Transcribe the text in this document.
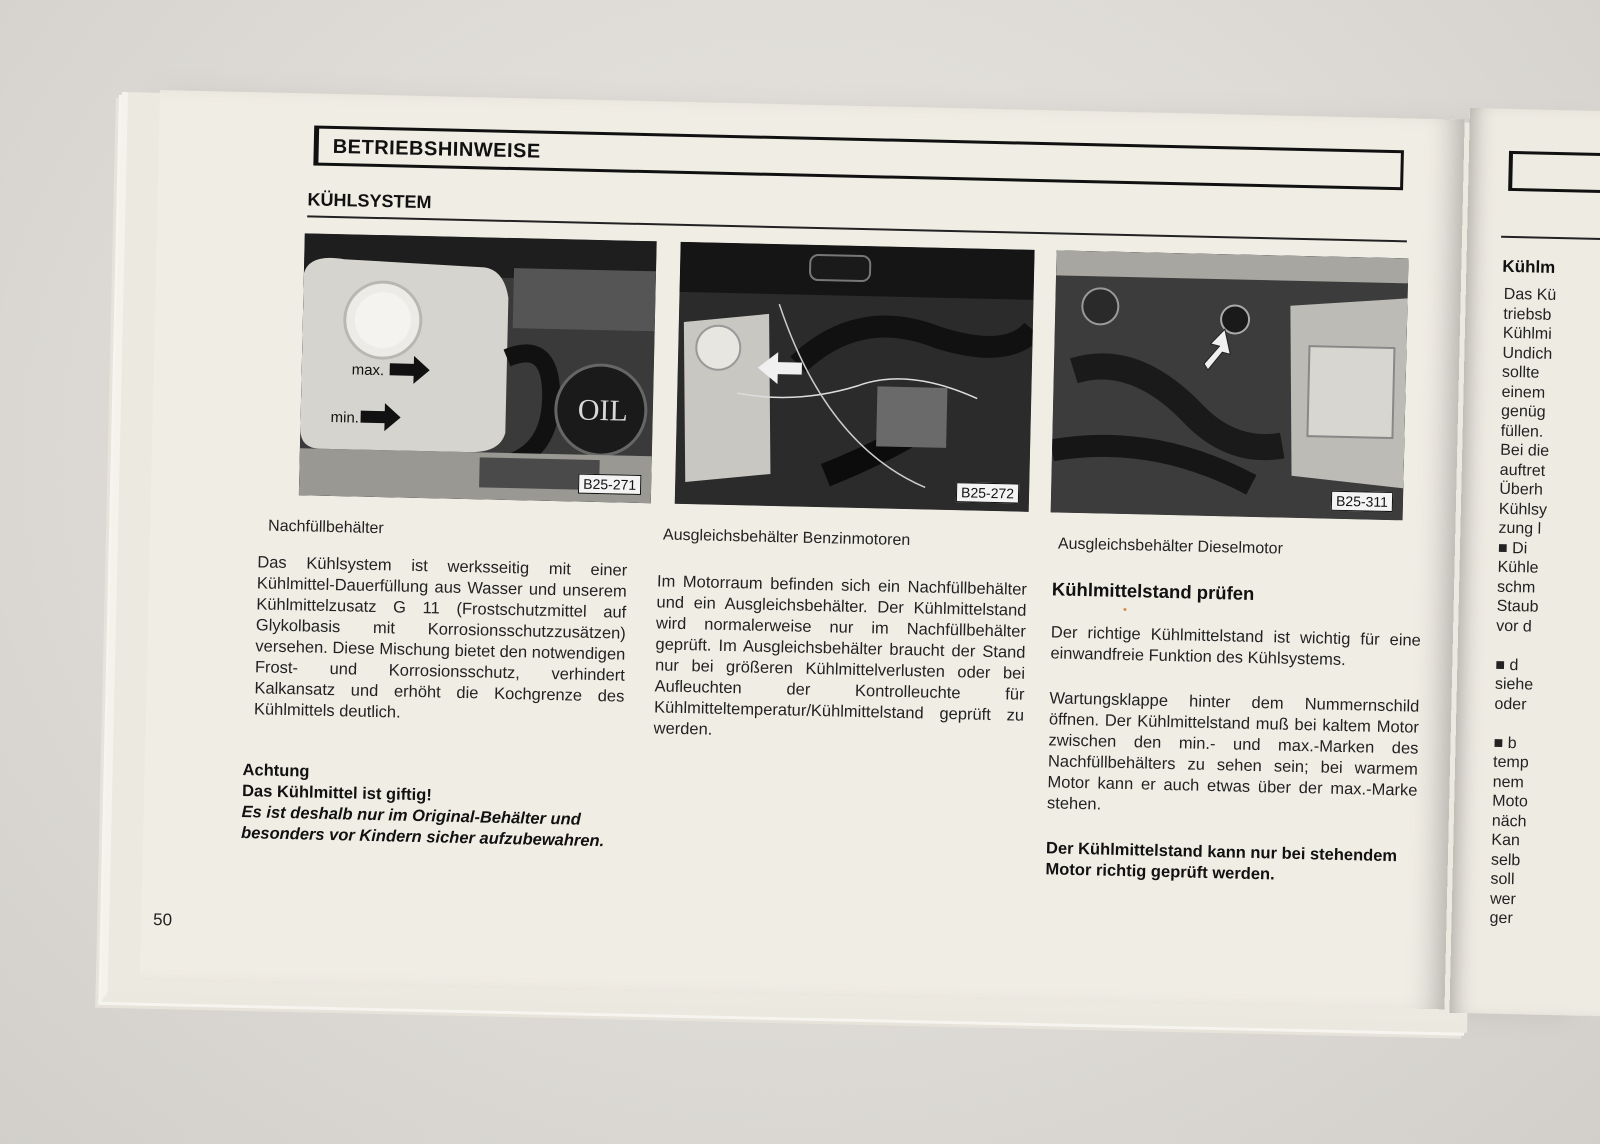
Kühlm
Das Kü
triebsb
Kühlmi
Undich
sollte
einem
genüg
füllen.
Bei die
auftret
Überh
Kühlsy
zung l
■ Di
Kühle
schm
Staub
vor d
■ d
siehe
oder
■ b
temp
nem
Moto
näch
Kan
selb
soll
wer
ger
BETRIEBSHINWEISE
KÜHLSYSTEM
OIL
max.
min.
B25-271	B25-272	B25-311
Nachfüllbehälter	Ausgleichsbehälter Benzinmotoren	Ausgleichsbehälter Dieselmotor
Das Kühlsystem ist werksseitig mit einer Kühlmittel-Dauerfüllung aus Wasser und unserem Kühlmittelzusatz G 11 (Frostschutzmittel auf Glykolbasis mit Korrosionsschutzzusätzen) versehen. Diese Mischung bietet den notwendigen Frost- und Korrosionsschutz, verhindert Kalkansatz und erhöht die Kochgrenze des Kühlmittels deutlich.
Achtung
Das Kühlmittel ist giftig!
Es ist deshalb nur im Original-Behälter und besonders vor Kindern sicher aufzubewahren.
Im Motorraum befinden sich ein Nachfüllbehälter und ein Ausgleichsbehälter. Der Kühlmittelstand wird normalerweise nur im Nachfüllbehälter geprüft. Im Ausgleichsbehälter braucht der Stand nur bei größeren Kühlmittelverlusten oder bei Aufleuchten der Kontrolleuchte für Kühlmitteltemperatur/Kühlmittelstand geprüft zu werden.
Kühlmittelstand prüfen
Der richtige Kühlmittelstand ist wichtig für eine einwandfreie Funktion des Kühlsystems.
Wartungsklappe hinter dem Nummernschild öffnen. Der Kühlmittelstand muß bei kaltem Motor zwischen den min.- und max.-Marken des Nachfüllbehälters zu sehen sein; bei warmem Motor kann er auch etwas über der max.-Marke stehen.
Der Kühlmittelstand kann nur bei stehendem Motor richtig geprüft werden.
50
